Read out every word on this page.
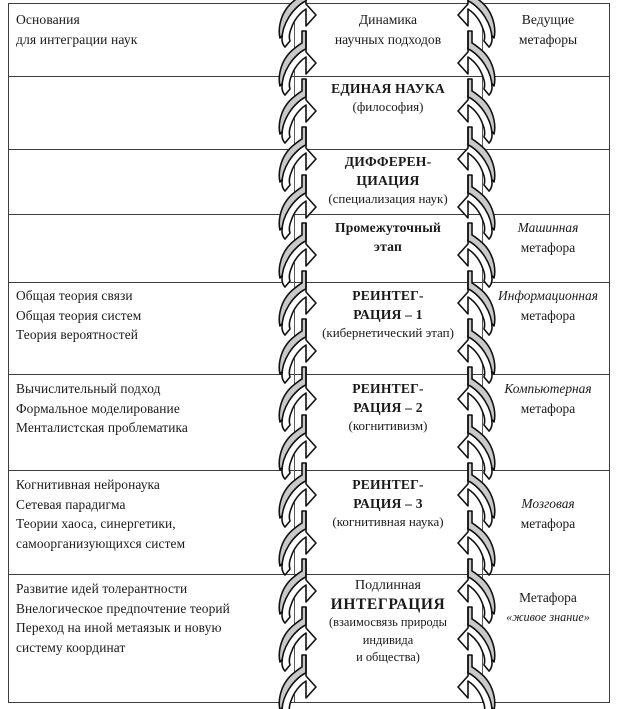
Основания
для интеграции наук
Динамика
научных подходов
Ведущие
метафоры
ЕДИНАЯ НАУКА
(философия)
ДИФФЕРЕН-
ЦИАЦИЯ
(специализация наук)
Промежуточный
этап
Машинная
метафора
Общая теория связи
Общая теория систем
Теория вероятностей
РЕИНТЕГ-
РАЦИЯ – 1
(кибернетический этап)
Информационная
метафора
Вычислительный подход
Формальное моделирование
Менталистская проблематика
РЕИНТЕГ-
РАЦИЯ – 2
(когнитивизм)
Компьютерная
метафора
Когнитивная нейронаука
Сетевая парадигма
Теории хаоса, синергетики,
самоорганизующихся систем
РЕИНТЕГ-
РАЦИЯ – 3
(когнитивная наука)
Мозговая
метафора
Развитие идей толерантности
Внелогическое предпочтение теорий
Переход на иной метаязык и новую
систему координат
Подлинная
ИНТЕГРАЦИЯ
(взаимосвязь природы
индивида
и общества)
Метафора
«живое знание»
